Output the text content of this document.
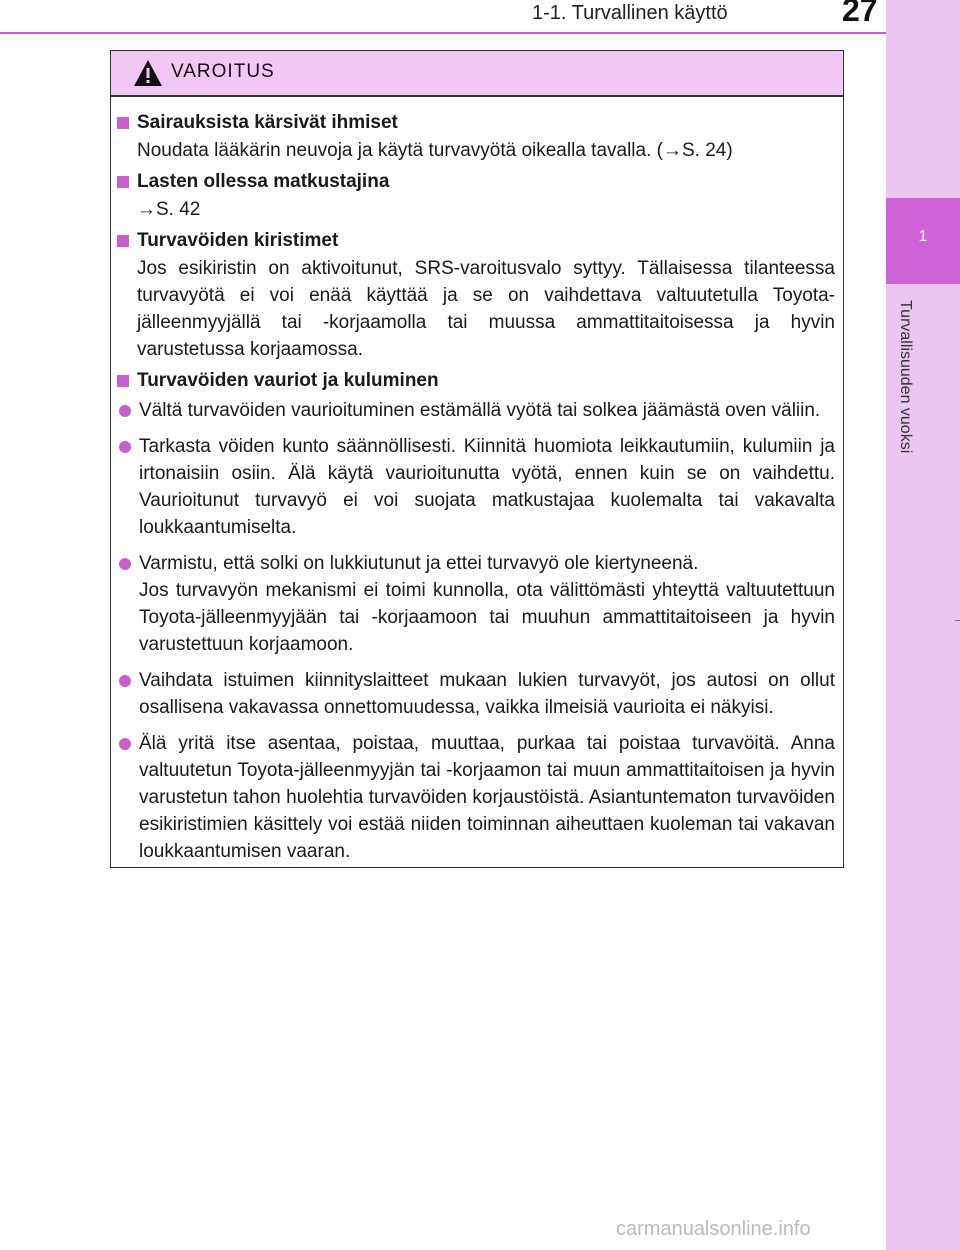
1
Turvallisuuden vuoksi
1-1. Turvallinen käyttö	27
VAROITUS
Sairauksista kärsivät ihmiset
Noudata lääkärin neuvoja ja käytä turvavyötä oikealla tavalla. (→S. 24)
Lasten ollessa matkustajina
→S. 42
Turvavöiden kiristimet
Jos esikiristin on aktivoitunut, SRS-varoitusvalo syttyy. Tällaisessa tilanteessa turvavyötä ei voi enää käyttää ja se on vaihdettava valtuutetulla Toyota-jälleenmyyjällä tai -korjaamolla tai muussa ammattitaitoisessa ja hyvin varustetussa korjaamossa.
Turvavöiden vauriot ja kuluminen
Vältä turvavöiden vaurioituminen estämällä vyötä tai solkea jäämästä oven väliin.
Tarkasta vöiden kunto säännöllisesti. Kiinnitä huomiota leikkautumiin, kulumiin ja irtonaisiin osiin. Älä käytä vaurioitunutta vyötä, ennen kuin se on vaihdettu. Vaurioitunut turvavyö ei voi suojata matkustajaa kuolemalta tai vakavalta loukkaantumiselta.
Varmistu, että solki on lukkiutunut ja ettei turvavyö ole kiertyneenä.
Jos turvavyön mekanismi ei toimi kunnolla, ota välittömästi yhteyttä valtuutettuun Toyota-jälleenmyyjään tai -korjaamoon tai muuhun ammattitaitoiseen ja hyvin varustettuun korjaamoon.
Vaihdata istuimen kiinnityslaitteet mukaan lukien turvavyöt, jos autosi on ollut osallisena vakavassa onnettomuudessa, vaikka ilmeisiä vaurioita ei näkyisi.
Älä yritä itse asentaa, poistaa, muuttaa, purkaa tai poistaa turvavöitä. Anna valtuutetun Toyota-jälleenmyyjän tai -korjaamon tai muun ammattitaitoisen ja hyvin varustetun tahon huolehtia turvavöiden korjaustöistä. Asiantuntematon turvavöiden esikiristimien käsittely voi estää niiden toiminnan aiheuttaen kuoleman tai vakavan loukkaantumisen vaaran.
carmanualsonline.info
